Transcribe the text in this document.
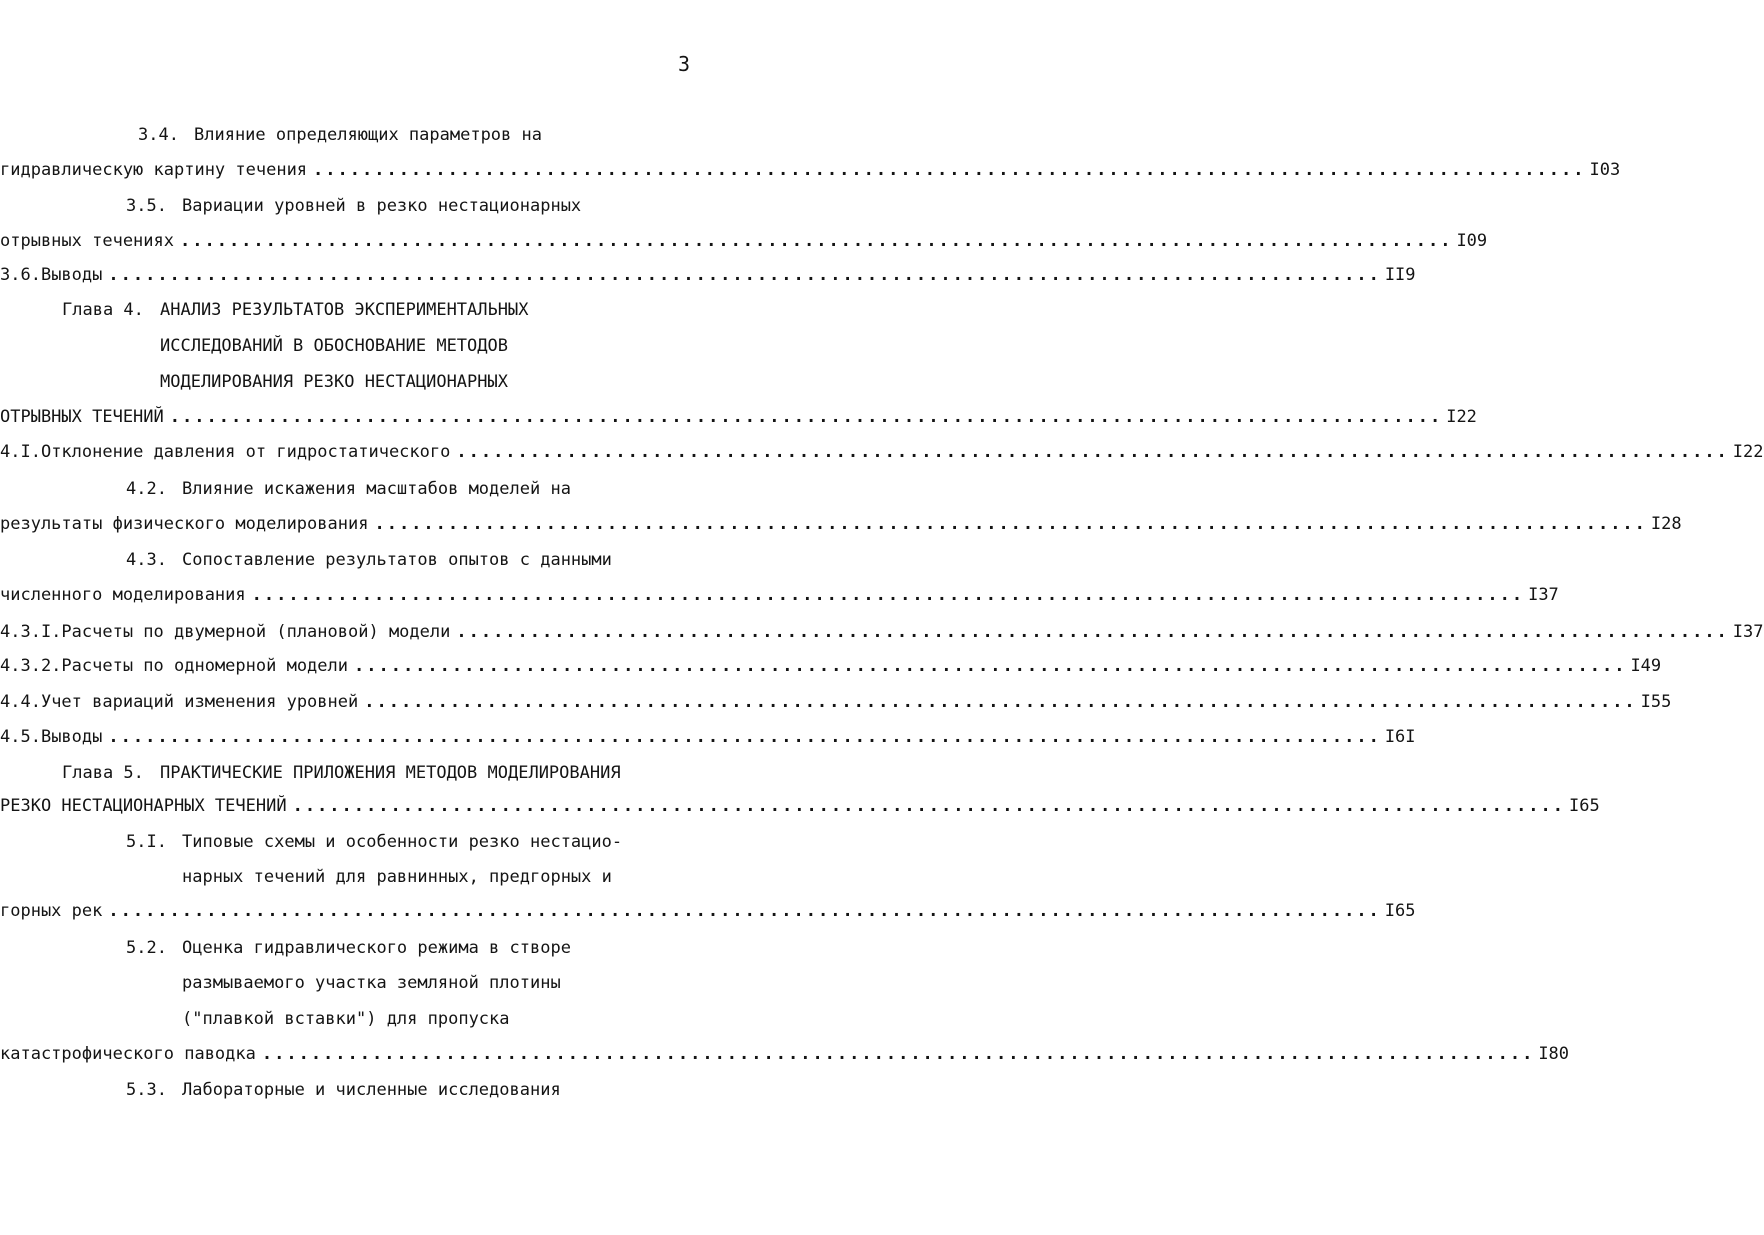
3
3.4. Влияние определяющих параметров на
гидравлическую картину течения ........................................................................................................ I03
3.5. Вариации уровней в резко нестационарных
отрывных течениях ........................................................................................................ I09
3.6. Выводы ........................................................................................................ II9
Глава 4. АНАЛИЗ РЕЗУЛЬТАТОВ ЭКСПЕРИМЕНТАЛЬНЫХ
ИССЛЕДОВАНИЙ В ОБОСНОВАНИЕ МЕТОДОВ
МОДЕЛИРОВАНИЯ РЕЗКО НЕСТАЦИОНАРНЫХ
ОТРЫВНЫХ ТЕЧЕНИЙ ........................................................................................................ I22
4.I. Отклонение давления от гидростатического ........................................................................................................ I22
4.2. Влияние искажения масштабов моделей на
результаты физического моделирования ........................................................................................................ I28
4.3. Сопоставление результатов опытов с данными
численного моделирования ........................................................................................................ I37
4.3.I. Расчеты по двумерной (плановой) модели ........................................................................................................ I37
4.3.2. Расчеты по одномерной модели ........................................................................................................ I49
4.4. Учет вариаций изменения уровней ........................................................................................................ I55
4.5. Выводы ........................................................................................................ I6I
Глава 5. ПРАКТИЧЕСКИЕ ПРИЛОЖЕНИЯ МЕТОДОВ МОДЕЛИРОВАНИЯ
РЕЗКО НЕСТАЦИОНАРНЫХ ТЕЧЕНИЙ ........................................................................................................ I65
5.I. Типовые схемы и особенности резко нестацио-
нарных течений для равнинных, предгорных и
горных рек ........................................................................................................ I65
5.2. Оценка гидравлического режима в створе
размываемого участка земляной плотины
("плавкой вставки") для пропуска
катастрофического паводка ........................................................................................................ I80
5.3. Лабораторные и численные исследования
